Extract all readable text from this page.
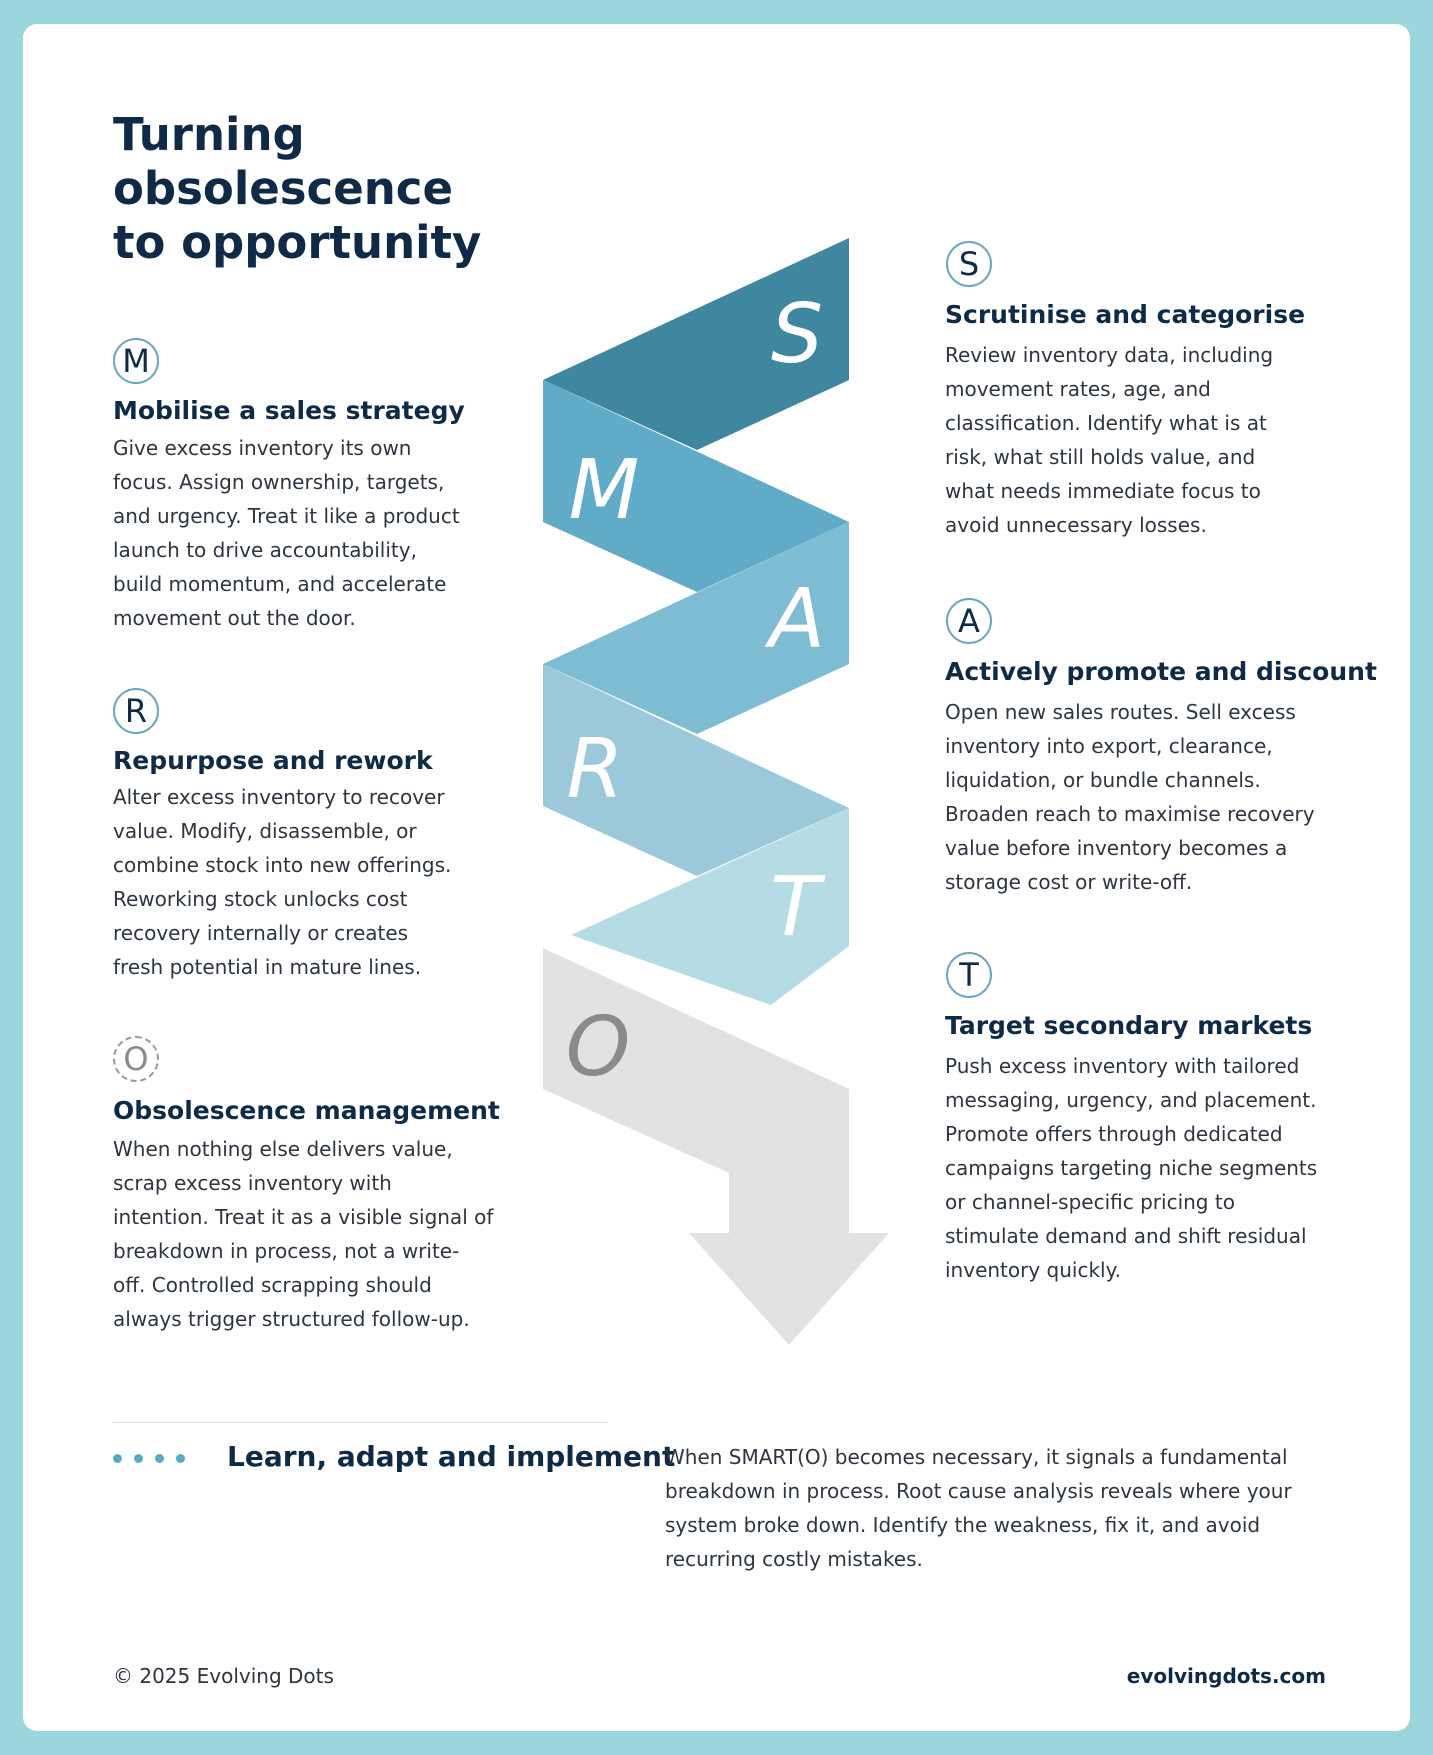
Turning
obsolescence
to opportunity
S
M
A
R
T
O
M
Mobilise a sales strategy

Give excess inventory its own
focus. Assign ownership, targets,
and urgency. Treat it like a product
launch to drive accountability,
build momentum, and accelerate
movement out the door.

R
Repurpose and rework

Alter excess inventory to recover
value. Modify, disassemble, or
combine stock into new offerings.
Reworking stock unlocks cost
recovery internally or creates
fresh potential in mature lines.

O
Obsolescence management

When nothing else delivers value,
scrap excess inventory with
intention. Treat it as a visible signal of
breakdown in process, not a write-
off. Controlled scrapping should
always trigger structured follow-up.

S
Scrutinise and categorise

Review inventory data, including
movement rates, age, and
classification. Identify what is at
risk, what still holds value, and
what needs immediate focus to
avoid unnecessary losses.

A
Actively promote and discount

Open new sales routes. Sell excess
inventory into export, clearance,
liquidation, or bundle channels.
Broaden reach to maximise recovery
value before inventory becomes a
storage cost or write-off.

T
Target secondary markets

Push excess inventory with tailored
messaging, urgency, and placement.
Promote offers through dedicated
campaigns targeting niche segments
or channel-specific pricing to
stimulate demand and shift residual
inventory quickly.

Learn, adapt and implement

When SMART(O) becomes necessary, it signals a fundamental
breakdown in process. Root cause analysis reveals where your
system broke down. Identify the weakness, fix it, and avoid
recurring costly mistakes.

© 2025 Evolving Dots	evolvingdots.com
